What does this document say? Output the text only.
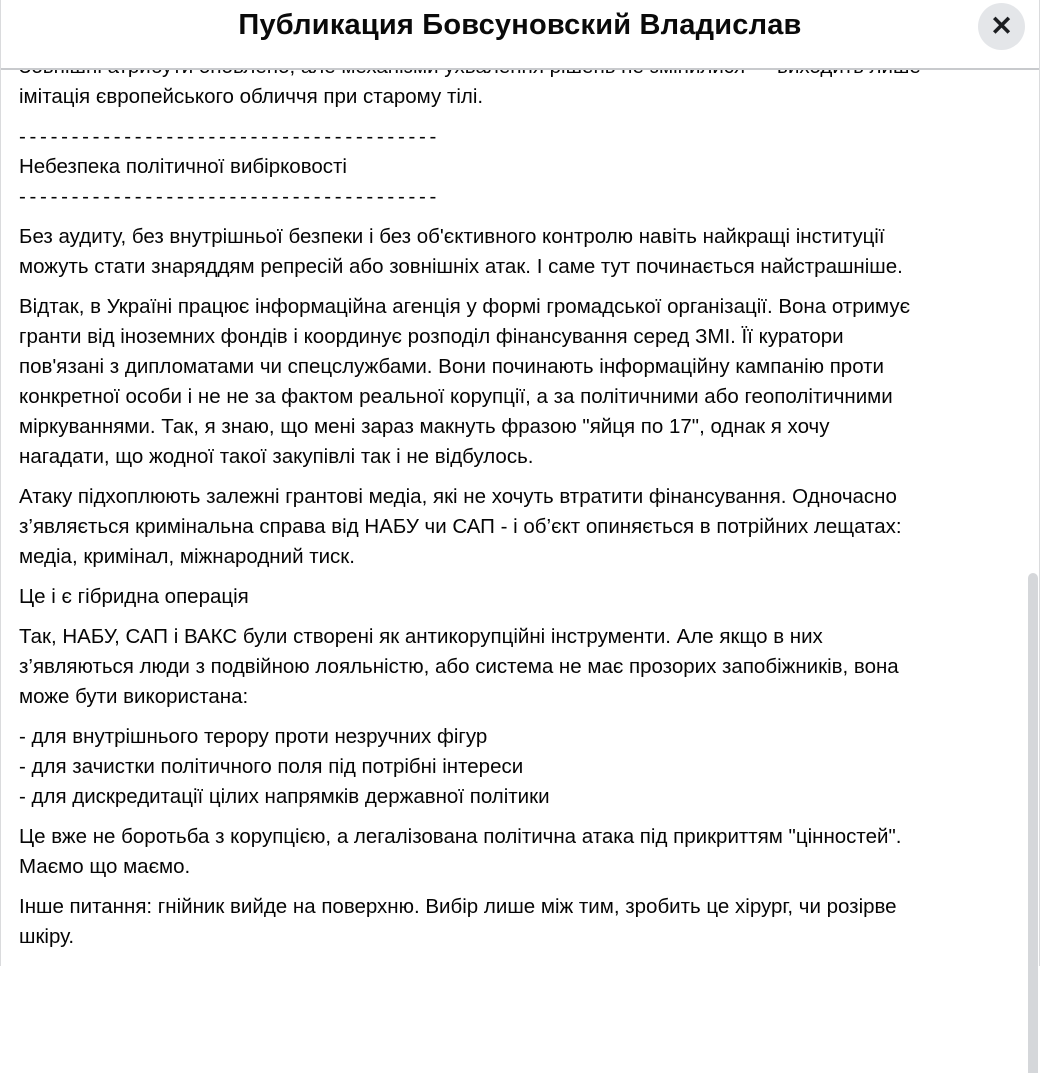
Публикация Бовсуновский Владислав	✕
імітація європейського обличчя при старому тілі.
----------------------------------------
Небезпека політичної вибірковості
----------------------------------------
Без аудиту, без внутрішньої безпеки і без об'єктивного контролю навіть найкращі інституції
можуть стати знаряддям репресій або зовнішніх атак. І саме тут починається найстрашніше.
Відтак, в Україні працює інформаційна агенція у формі громадської організації. Вона отримує
гранти від іноземних фондів і координує розподіл фінансування серед ЗМІ. Її куратори
пов'язані з дипломатами чи спецслужбами. Вони починають інформаційну кампанію проти
конкретної особи і не не за фактом реальної корупції, а за політичними або геополітичними
міркуваннями. Так, я знаю, що мені зараз макнуть фразою "яйця по 17", однак я хочу
нагадати, що жодної такої закупівлі так і не відбулось.
Атаку підхоплюють залежні грантові медіа, які не хочуть втратити фінансування. Одночасно
з’являється кримінальна справа від НАБУ чи САП - і об’єкт опиняється в потрійних лещатах:
медіа, кримінал, міжнародний тиск.
Це і є гібридна операція
Так, НАБУ, САП і ВАКС були створені як антикорупційні інструменти. Але якщо в них
з’являються люди з подвійною лояльністю, або система не має прозорих запобіжників, вона
може бути використана:
- для внутрішнього терору проти незручних фігур
- для зачистки політичного поля під потрібні інтереси
- для дискредитації цілих напрямків державної політики
Це вже не боротьба з корупцією, а легалізована політична атака під прикриттям "цінностей".
Маємо що маємо.
Інше питання: гнійник вийде на поверхню. Вибір лише між тим, зробить це хірург, чи розірве
шкіру.
